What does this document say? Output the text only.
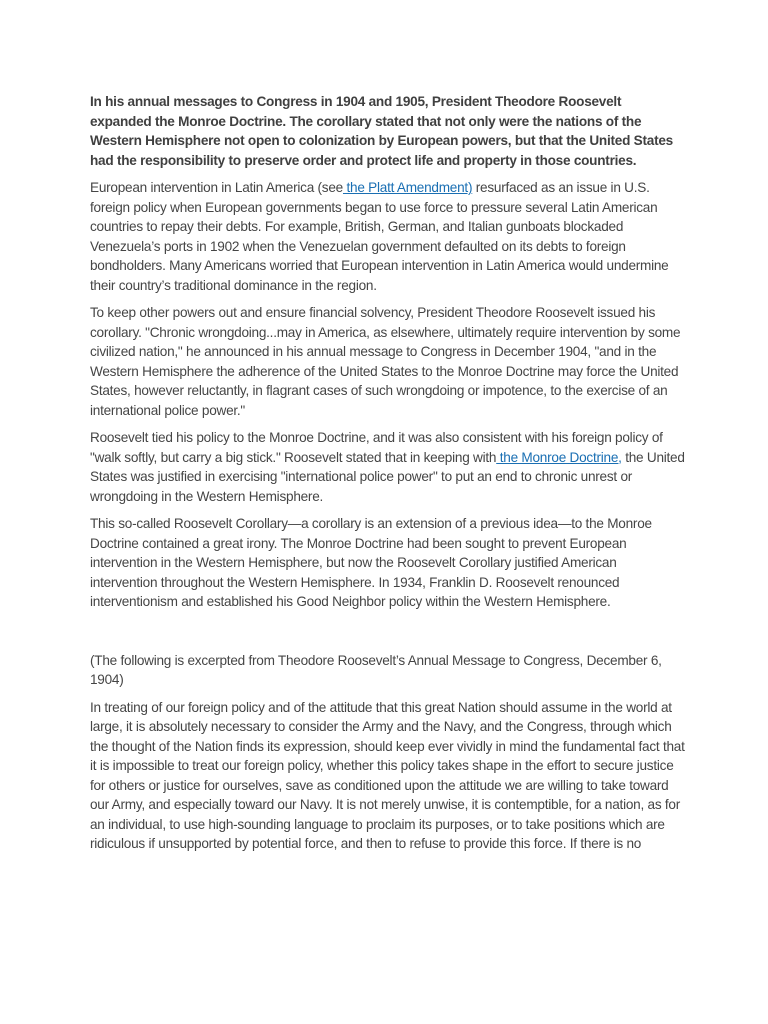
In his annual messages to Congress in 1904 and 1905, President Theodore Roosevelt expanded the Monroe Doctrine. The corollary stated that not only were the nations of the Western Hemisphere not open to colonization by European powers, but that the United States had the responsibility to preserve order and protect life and property in those countries.

European intervention in Latin America (see the Platt Amendment) resurfaced as an issue in U.S. foreign policy when European governments began to use force to pressure several Latin American countries to repay their debts. For example, British, German, and Italian gunboats blockaded Venezuela’s ports in 1902 when the Venezuelan government defaulted on its debts to foreign bondholders. Many Americans worried that European intervention in Latin America would undermine their country’s traditional dominance in the region.

To keep other powers out and ensure financial solvency, President Theodore Roosevelt issued his corollary. "Chronic wrongdoing...may in America, as elsewhere, ultimately require intervention by some civilized nation," he announced in his annual message to Congress in December 1904, "and in the Western Hemisphere the adherence of the United States to the Monroe Doctrine may force the United States, however reluctantly, in flagrant cases of such wrongdoing or impotence, to the exercise of an international police power."

Roosevelt tied his policy to the Monroe Doctrine, and it was also consistent with his foreign policy of "walk softly, but carry a big stick." Roosevelt stated that in keeping with the Monroe Doctrine, the United States was justified in exercising "international police power" to put an end to chronic unrest or wrongdoing in the Western Hemisphere.

This so-called Roosevelt Corollary—a corollary is an extension of a previous idea—to the Monroe Doctrine contained a great irony. The Monroe Doctrine had been sought to prevent European intervention in the Western Hemisphere, but now the Roosevelt Corollary justified American intervention throughout the Western Hemisphere. In 1934, Franklin D. Roosevelt renounced interventionism and established his Good Neighbor policy within the Western Hemisphere.

(The following is excerpted from Theodore Roosevelt’s Annual Message to Congress, December 6, 1904)

In treating of our foreign policy and of the attitude that this great Nation should assume in the world at large, it is absolutely necessary to consider the Army and the Navy, and the Congress, through which the thought of the Nation finds its expression, should keep ever vividly in mind the fundamental fact that it is impossible to treat our foreign policy, whether this policy takes shape in the effort to secure justice for others or justice for ourselves, save as conditioned upon the attitude we are willing to take toward our Army, and especially toward our Navy. It is not merely unwise, it is contemptible, for a nation, as for an individual, to use high-sounding language to proclaim its purposes, or to take positions which are ridiculous if unsupported by potential force, and then to refuse to provide this force. If there is no
